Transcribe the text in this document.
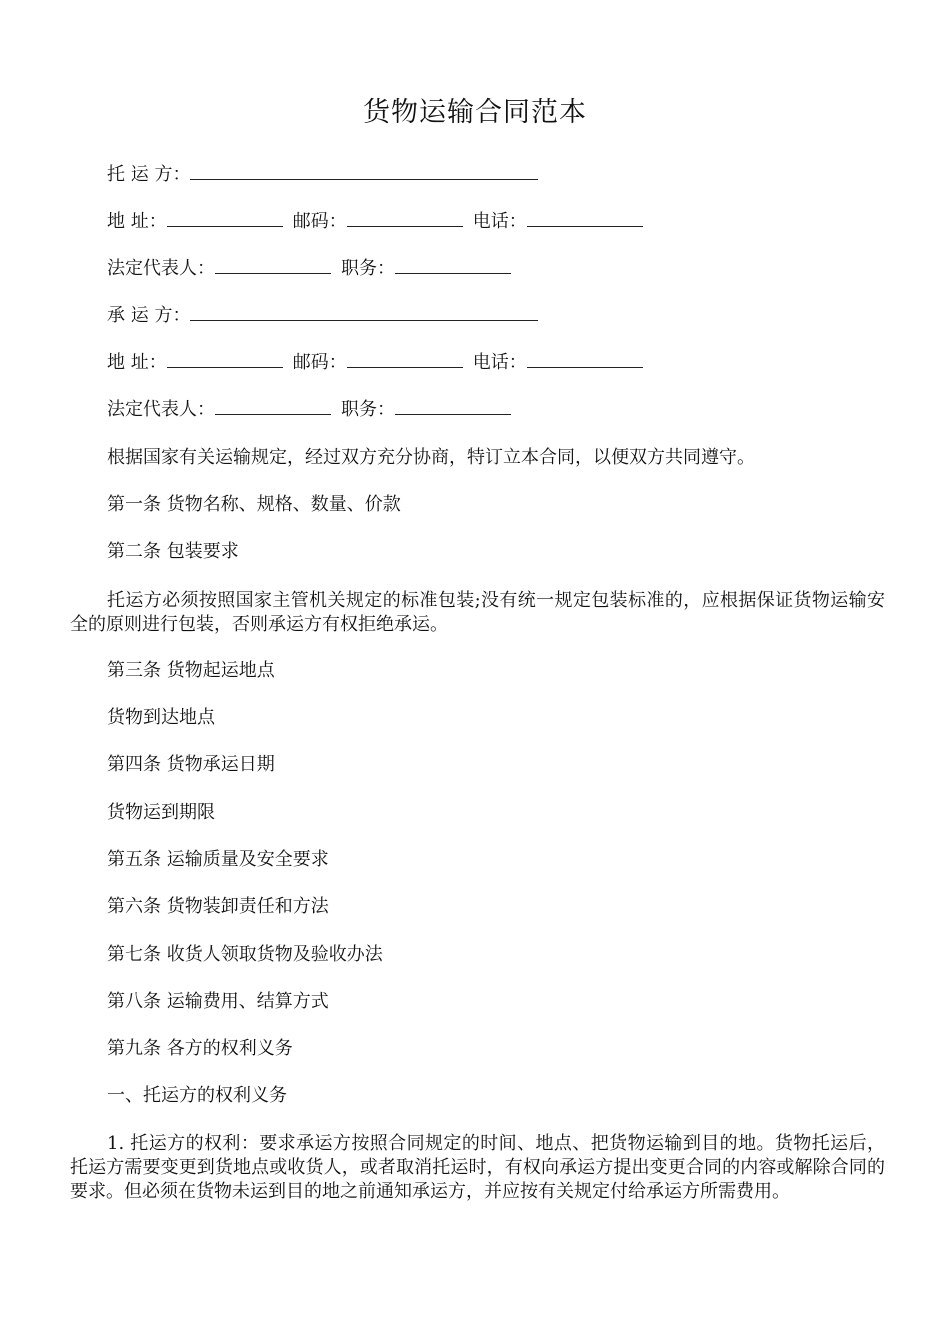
货物运输合同范本
托 运 方：
地 址：	邮码：	电话：
法定代表人：	职务：
承 运 方：
地 址：	邮码：	电话：
法定代表人：	职务：
根据国家有关运输规定，经过双方充分协商，特订立本合同，以便双方共同遵守。
第一条 货物名称、规格、数量、价款
第二条 包装要求
托运方必须按照国家主管机关规定的标准包装;没有统一规定包装标准的，应根据保证货物运输安全的原则进行包装，否则承运方有权拒绝承运。
第三条 货物起运地点
货物到达地点
第四条 货物承运日期
货物运到期限
第五条 运输质量及安全要求
第六条 货物装卸责任和方法
第七条 收货人领取货物及验收办法
第八条 运输费用、结算方式
第九条 各方的权利义务
一、托运方的权利义务
1. 托运方的权利：要求承运方按照合同规定的时间、地点、把货物运输到目的地。货物托运后，托运方需要变更到货地点或收货人，或者取消托运时，有权向承运方提出变更合同的内容或解除合同的要求。但必须在货物未运到目的地之前通知承运方，并应按有关规定付给承运方所需费用。
